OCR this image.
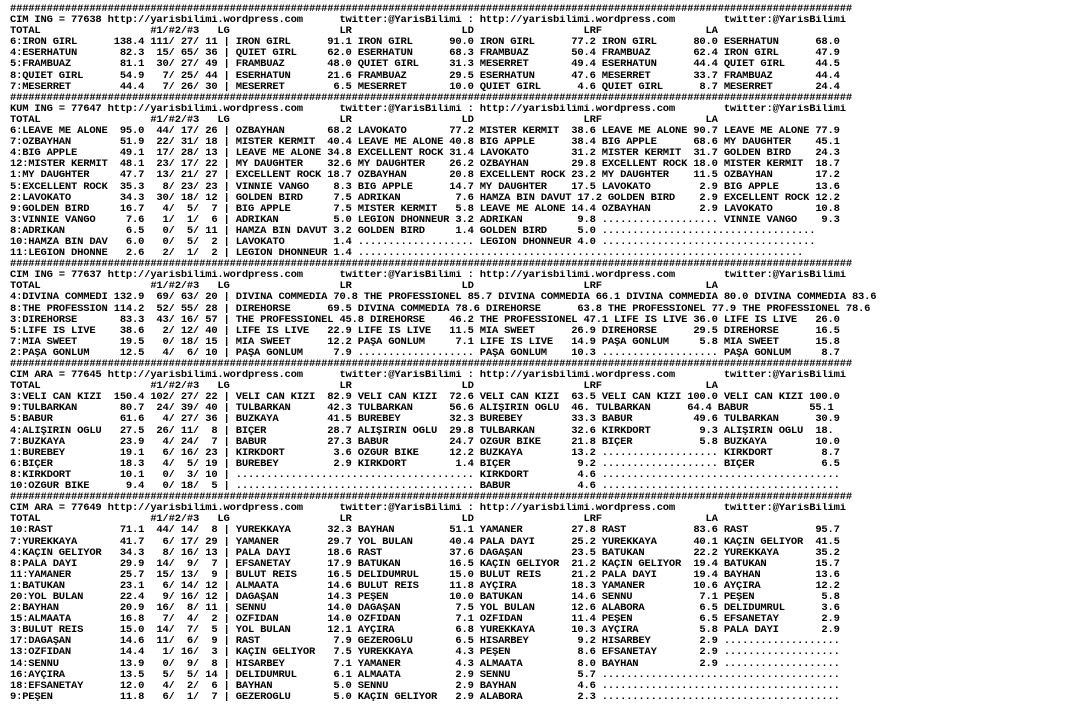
##########################################################################################################################################
CIM ING = 77638 http://yarisbilimi.wordpress.com      twitter:@YarisBilimi : http://yarisbilimi.wordpress.com        twitter:@YarisBilimi
TOTAL                  #1/#2/#3   LG                  LR                  LD                  LRF                 LA
6:IRON GIRL      138.4 111/ 27/ 11 | IRON GIRL      91.1 IRON GIRL      90.0 IRON GIRL      77.2 IRON GIRL      80.0 ESERHATUN      68.0
4:ESERHATUN       82.3  15/ 65/ 36 | QUIET GIRL     62.0 ESERHATUN      68.3 FRAMBUAZ       50.4 FRAMBUAZ       62.4 IRON GIRL      47.9
5:FRAMBUAZ        81.1  30/ 27/ 49 | FRAMBUAZ       48.0 QUIET GIRL     31.3 MESERRET       49.4 ESERHATUN      44.4 QUIET GIRL     44.5
8:QUIET GIRL      54.9   7/ 25/ 44 | ESERHATUN      21.6 FRAMBUAZ       29.5 ESERHATUN      47.6 MESERRET       33.7 FRAMBUAZ       44.4
7:MESERRET        44.4   7/ 26/ 30 | MESERRET        6.5 MESERRET       10.0 QUIET GIRL      4.6 QUIET GIRL      8.7 MESERRET       24.4
##########################################################################################################################################
KUM ING = 77647 http://yarisbilimi.wordpress.com      twitter:@YarisBilimi : http://yarisbilimi.wordpress.com        twitter:@YarisBilimi
TOTAL                  #1/#2/#3   LG                  LR                  LD                  LRF                 LA
6:LEAVE ME ALONE  95.0  44/ 17/ 26 | ÖZBAYHAN       68.2 LAVOKATO       77.2 MISTER KERMİT  38.6 LEAVE ME ALONE 90.7 LEAVE ME ALONE 77.9
7:ÖZBAYHAN        51.9  22/ 31/ 18 | MISTER KERMİT  40.4 LEAVE ME ALONE 40.8 BIG APPLE      38.4 BIG APPLE      68.6 MY DAUGHTER    45.1
4:BIG APPLE       49.1  17/ 28/ 13 | LEAVE ME ALONE 34.8 EXCELLENT ROCK 31.4 LAVOKATO       31.2 MISTER KERMİT  31.7 GOLDEN BIRD    24.3
12:MISTER KERMİT  48.1  23/ 17/ 22 | MY DAUGHTER    32.6 MY DAUGHTER    26.2 ÖZBAYHAN       29.8 EXCELLENT ROCK 18.0 MISTER KERMİT  18.7
1:MY DAUGHTER     47.7  13/ 21/ 27 | EXCELLENT ROCK 18.7 ÖZBAYHAN       20.8 EXCELLENT ROCK 23.2 MY DAUGHTER    11.5 ÖZBAYHAN       17.2
5:EXCELLENT ROCK  35.3   8/ 23/ 23 | VINNIE VANGO    8.3 BIG APPLE      14.7 MY DAUGHTER    17.5 LAVOKATO        2.9 BIG APPLE      13.6
2:LAVOKATO        34.3  30/ 18/ 12 | GOLDEN BIRD     7.5 ADRIKAN         7.6 HAMZA BİN DAVUT 17.2 GOLDEN BIRD    2.9 EXCELLENT ROCK 12.2
9:GOLDEN BIRD     16.7   4/  5/  7 | BIG APPLE       7.5 MISTER KERMİT   5.8 LEAVE ME ALONE 14.4 ÖZBAYHAN        2.9 LAVOKATO       10.8
3:VINNIE VANGO     7.6   1/  1/  6 | ADRIKAN         5.0 LEGION DHONNEUR 3.2 ADRIKAN         9.8 ................... VINNIE VANGO    9.3
8:ADRIKAN          6.5   0/  5/ 11 | HAMZA BİN DAVUT 3.2 GOLDEN BIRD     1.4 GOLDEN BIRD     5.0 ...................................
10:HAMZA BİN DAV   6.0   0/  5/  2 | LAVOKATO        1.4 ................... LEGION DHONNEUR 4.0 ...................................
11:LEGION DHONNE   2.6   2/  1/  2 | LEGION DHONNEUR 1.4 .........................................................................
##########################################################################################################################################
CIM ING = 77637 http://yarisbilimi.wordpress.com      twitter:@YarisBilimi : http://yarisbilimi.wordpress.com        twitter:@YarisBilimi
TOTAL                  #1/#2/#3   LG                  LR                  LD                  LRF                 LA
4:DIVINA COMMEDI 132.9  69/ 63/ 20 | DIVINA COMMEDIA 70.8 THE PROFESSIONEL 85.7 DIVINA COMMEDIA 66.1 DIVINA COMMEDIA 80.0 DIVINA COMMEDIA 83.6
8:THE PROFESSION 114.2  52/ 55/ 28 | DIREHORSE      69.5 DIVINA COMMEDIA 78.6 DIREHORSE      63.8 THE PROFESSIONEL 77.9 THE PROFESSIONEL 78.6
3:DIREHORSE       83.3  43/ 16/ 57 | THE PROFESSIONEL 45.8 DIREHORSE    46.2 THE PROFESSIONEL 47.1 LIFE IS LIVE 36.0 LIFE IS LIVE   26.0
5:LIFE IS LIVE    38.6   2/ 12/ 40 | LIFE IS LIVE   22.9 LIFE IS LIVE   11.5 MIA SWEET      26.9 DIREHORSE      29.5 DIREHORSE      16.5
7:MIA SWEET       19.5   0/ 18/ 15 | MIA SWEET      12.2 PAŞA GÖNLÜM     7.1 LIFE IS LIVE   14.9 PAŞA GÖNLÜM     5.8 MIA SWEET      15.8
2:PAŞA GÖNLÜM     12.5   4/  6/ 10 | PAŞA GÖNLÜM     7.9 ................... PAŞA GÖNLÜM    10.3 ................... PAŞA GÖNLÜM     8.7
##########################################################################################################################################
CIM ARA = 77645 http://yarisbilimi.wordpress.com      twitter:@YarisBilimi : http://yarisbilimi.wordpress.com        twitter:@YarisBilimi
TOTAL                  #1/#2/#3   LG                  LR                  LD                  LRF                 LA
3:VELİ CAN KIZI  150.4 102/ 27/ 22 | VELİ CAN KIZI  82.9 VELİ CAN KIZI  72.6 VELİ CAN KIZI  63.5 VELİ CAN KIZI 100.0 VELİ CAN KIZI 100.0
9:TULBARKAN       80.7  24/ 39/ 40 | TULBARKAN      42.3 TULBARKAN      56.6 ALIŞİRİN OĞLU  46. TULBARKAN      64.4 BABÜR          55.1
5:BABÜR           61.6   4/ 27/ 36 | BUZKAYA        41.5 BÜREBEY        32.3 BÜREBEY        33.3 BABÜR          49.6 TULBARKAN      30.9
4:ALIŞİRİN OĞLU   27.5  26/ 11/  8 | BİÇER          28.7 ALIŞİRİN OĞLU  29.8 TULBARKAN      32.6 KIRKDÖRT        9.3 ALIŞİRİN OĞLU  18.
7:BUZKAYA         23.9   4/ 24/  7 | BABÜR          27.3 BABÜR          24.7 ÖZGÜR BİKE     21.8 BİÇER           5.8 BUZKAYA        10.0
1:BÜREBEY         19.1   6/ 16/ 23 | KIRKDÖRT        3.6 ÖZGÜR BİKE     12.2 BUZKAYA        13.2 ................... KIRKDÖRT        8.7
6:BİÇER           18.3   4/  5/ 19 | BÜREBEY         2.9 KIRKDÖRT        1.4 BİÇER           9.2 ................... BİÇER           6.5
8:KIRKDÖRT        10.1   0/  3/ 10 | ....................................... KIRKDÖRT        4.6 .......................................
10:ÖZGÜR BİKE      9.4   0/ 18/  5 | ....................................... BABÜR           4.6 .......................................
##########################################################################################################################################
CIM ARA = 77649 http://yarisbilimi.wordpress.com      twitter:@YarisBilimi : http://yarisbilimi.wordpress.com        twitter:@YarisBilimi
TOTAL                  #1/#2/#3   LG                  LR                  LD                  LRF                 LA
10:RAST           71.1  44/ 14/  8 | YÜREKKAYA      32.3 BAYHAN         51.1 YAMANER        27.8 RAST           83.6 RAST           95.7
7:YÜREKKAYA       41.7   6/ 17/ 29 | YAMANER        29.7 YOL BULAN      40.4 PALA DAYI      25.2 YÜREKKAYA      40.1 KAÇIN GELİYOR  41.5
4:KAÇIN GELİYOR   34.3   8/ 16/ 13 | PALA DAYI      18.6 RAST           37.6 DAĞAŞAN        23.5 BATUKAN        22.2 YÜREKKAYA      35.2
8:PALA DAYI       29.9  14/  9/  7 | EFSANETAY      17.9 BATUKAN        16.5 KAÇIN GELİYOR  21.2 KAÇIN GELİYOR  19.4 BATUKAN        15.7
11:YAMANER        25.7  15/ 13/  9 | BULUT REİS     16.5 DELİDUMRUL     15.0 BULUT REİS     21.2 PALA DAYI      19.4 BAYHAN         13.6
1:BATUKAN         23.1   6/ 14/ 12 | ALMAATA        14.6 BULUT REİS     11.8 AYÇİRA         18.3 YAMANER        10.6 AYÇİRA         12.2
20:YOL BULAN      22.4   9/ 16/ 12 | DAĞAŞAN        14.3 PEŞEN          10.0 BATUKAN        14.6 SENNU           7.1 PEŞEN           5.8
2:BAYHAN          20.9  16/  8/ 11 | SENNU          14.0 DAĞAŞAN         7.5 YOL BULAN      12.6 ALABORA         6.5 DELİDUMRUL      3.6
15:ALMAATA        16.8   7/  4/  2 | ÖZFİDAN        14.0 ÖZFİDAN         7.1 ÖZFİDAN        11.4 PEŞEN           6.5 EFSANETAY       2.9
3:BULUT REİS      15.0  14/  7/  5 | YOL BULAN      12.1 AYÇİRA          6.8 YÜREKKAYA      10.3 AYÇİRA          5.8 PALA DAYI       2.9
17:DAĞAŞAN        14.6  11/  6/  9 | RAST            7.9 GEZEROĞLU       6.5 HİSARBEY        9.2 HİSARBEY        2.9 ...................
13:ÖZFİDAN        14.4   1/ 16/  3 | KAÇIN GELİYOR   7.5 YÜREKKAYA       4.3 PEŞEN           8.6 EFSANETAY       2.9 ...................
14:SENNU          13.9   0/  9/  8 | HİSARBEY        7.1 YAMANER         4.3 ALMAATA         8.0 BAYHAN          2.9 ...................
16:AYÇİRA         13.5   5/  5/ 14 | DELİDUMRUL      6.1 ALMAATA         2.9 SENNU           5.7 .......................................
18:EFSANETAY      12.0   4/  2/  6 | BAYHAN          5.0 SENNU           2.9 BAYHAN          4.6 .......................................
9:PEŞEN           11.8   6/  1/  7 | GEZEROĞLU       5.0 KAÇIN GELİYOR   2.9 ALABORA         2.3 .......................................
